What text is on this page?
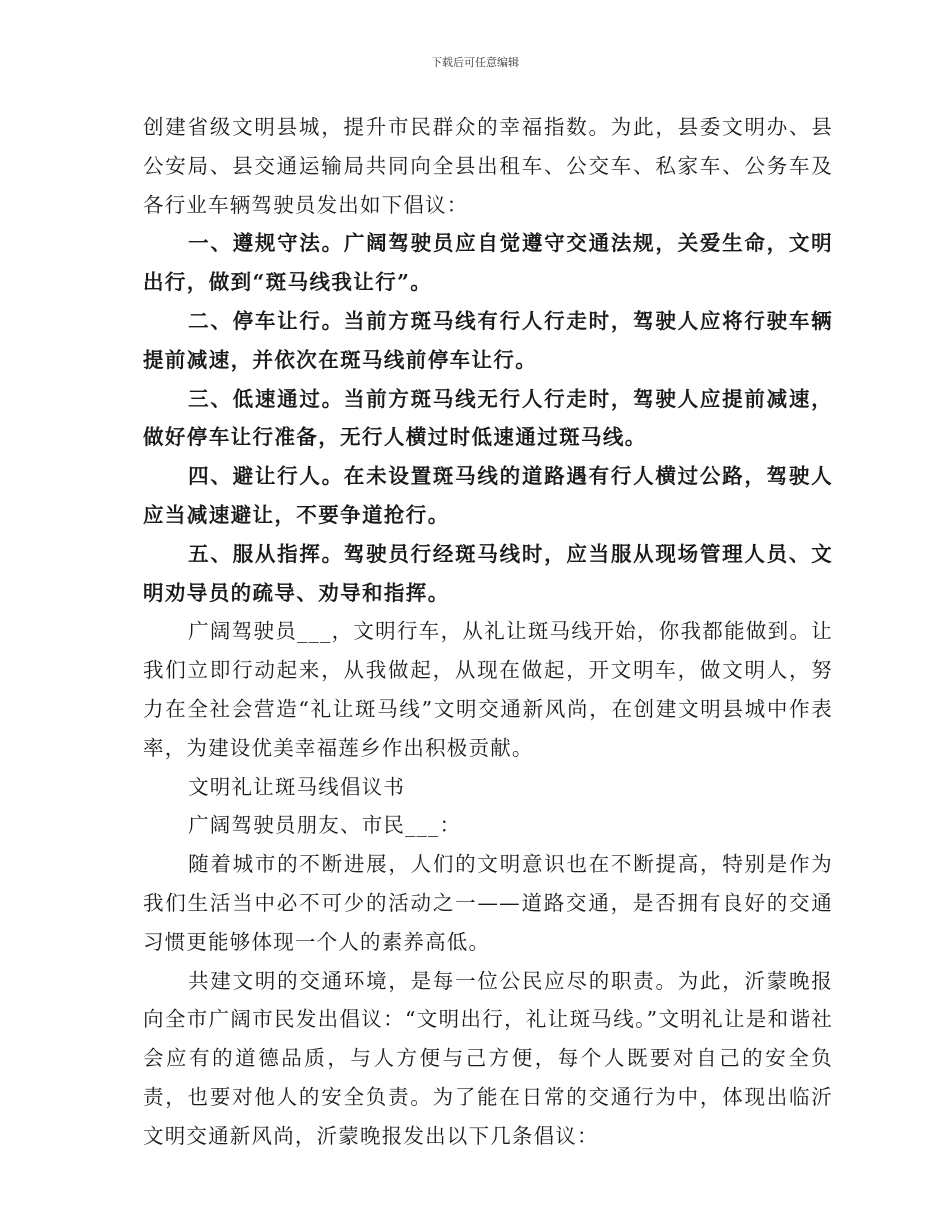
下载后可任意编辑

创建省级文明县城，提升市民群众的幸福指数。为此，县委文明办、县公安局、县交通运输局共同向全县出租车、公交车、私家车、公务车及各行业车辆驾驶员发出如下倡议：

一、遵规守法。广阔驾驶员应自觉遵守交通法规，关爱生命，文明出行，做到“斑马线我让行”。

二、停车让行。当前方斑马线有行人行走时，驾驶人应将行驶车辆提前减速，并依次在斑马线前停车让行。

三、低速通过。当前方斑马线无行人行走时，驾驶人应提前减速，做好停车让行准备，无行人横过时低速通过斑马线。

四、避让行人。在未设置斑马线的道路遇有行人横过公路，驾驶人应当减速避让，不要争道抢行。

五、服从指挥。驾驶员行经斑马线时，应当服从现场管理人员、文明劝导员的疏导、劝导和指挥。

广阔驾驶员___，文明行车，从礼让斑马线开始，你我都能做到。让我们立即行动起来，从我做起，从现在做起，开文明车，做文明人，努力在全社会营造“礼让斑马线”文明交通新风尚，在创建文明县城中作表率，为建设优美幸福莲乡作出积极贡献。

文明礼让斑马线倡议书

广阔驾驶员朋友、市民___：

随着城市的不断进展，人们的文明意识也在不断提高，特别是作为我们生活当中必不可少的活动之一——道路交通，是否拥有良好的交通习惯更能够体现一个人的素养高低。

共建文明的交通环境，是每一位公民应尽的职责。为此，沂蒙晚报向全市广阔市民发出倡议：“文明出行，礼让斑马线。”文明礼让是和谐社会应有的道德品质，与人方便与己方便，每个人既要对自己的安全负责，也要对他人的安全负责。为了能在日常的交通行为中，体现出临沂文明交通新风尚，沂蒙晚报发出以下几条倡议：
